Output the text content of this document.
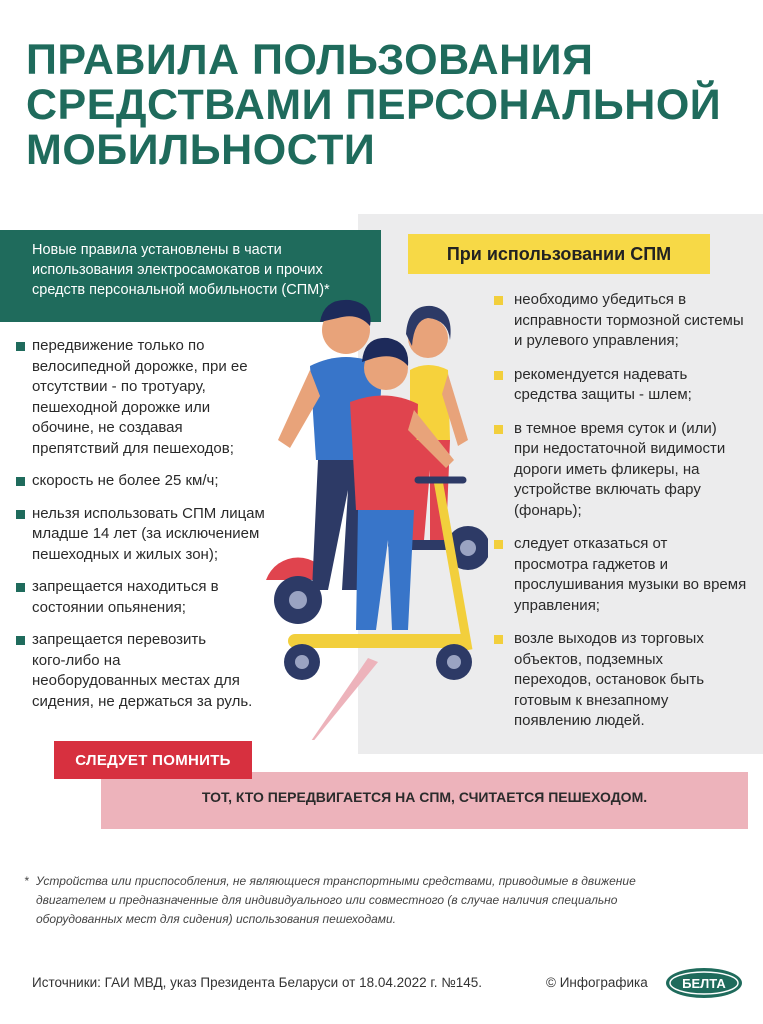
ПРАВИЛА ПОЛЬЗОВАНИЯ
СРЕДСТВАМИ ПЕРСОНАЛЬНОЙ
МОБИЛЬНОСТИ
Новые правила установлены в части
использования электросамокатов и прочих
средств персональной мобильности (СПМ)*
При использовании СПМ
передвижение только по
велосипедной дорожке, при ее
отсутствии - по тротуару,
пешеходной дорожке или
обочине, не создавая
препятствий для пешеходов;
скорость не более 25 км/ч;
нельзя использовать СПМ лицам
младше 14 лет (за исключением
пешеходных и жилых зон);
запрещается находиться в
состоянии опьянения;
запрещается перевозить
кого-либо на
необорудованных местах для
сидения, не держаться за руль.
необходимо убедиться в
исправности тормозной системы
и рулевого управления;
рекомендуется надевать
средства защиты - шлем;
в темное время суток и (или)
при недостаточной видимости
дороги иметь фликеры, на
устройстве включать фару
(фонарь);
следует отказаться от
просмотра гаджетов и
прослушивания музыки во время
управления;
возле выходов из торговых
объектов, подземных
переходов, остановок быть
готовым к внезапному
появлению людей.
ТОТ, КТО ПЕРЕДВИГАЕТСЯ НА СПМ, СЧИТАЕТСЯ ПЕШЕХОДОМ.
СЛЕДУЕТ ПОМНИТЬ
* Устройства или приспособления, не являющиеся транспортными средствами, приводимые в движение
двигателем и предназначенные для индивидуального или совместного (в случае наличия специально
оборудованных мест для сидения) использования пешеходами.
Источники: ГАИ МВД, указ Президента Беларуси от 18.04.2022 г. №145.	© Инфографика	БЕЛТА
